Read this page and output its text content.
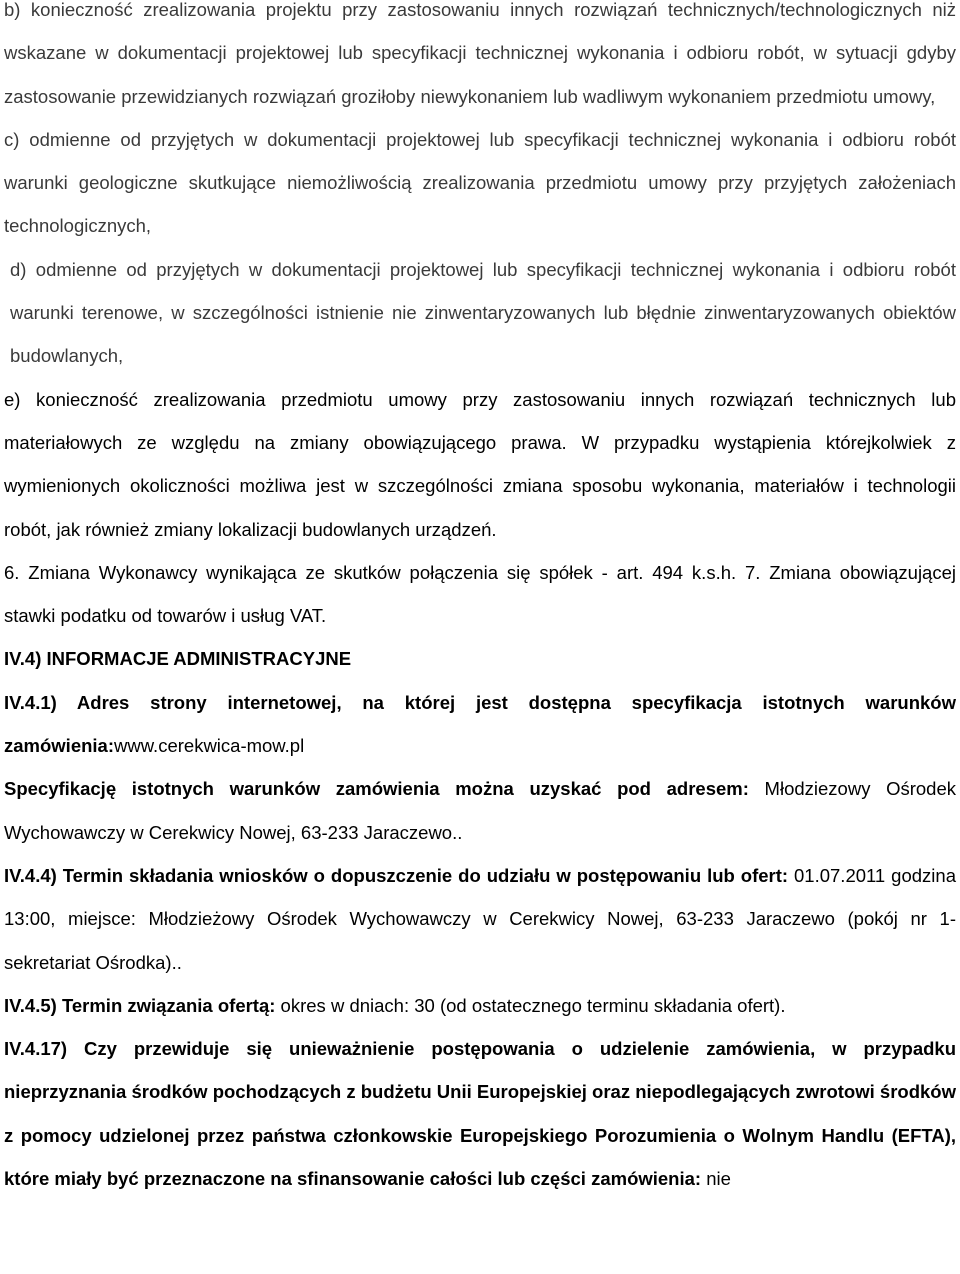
b) konieczność zrealizowania projektu przy zastosowaniu innych rozwiązań technicznych/technologicznych niż wskazane w dokumentacji projektowej lub specyfikacji technicznej wykonania i odbioru robót, w sytuacji gdyby zastosowanie przewidzianych rozwiązań groziłoby niewykonaniem lub wadliwym wykonaniem przedmiotu umowy,

c) odmienne od przyjętych w dokumentacji projektowej lub specyfikacji technicznej wykonania i odbioru robót warunki geologiczne skutkujące niemożliwością zrealizowania przedmiotu umowy przy przyjętych założeniach technologicznych,

d) odmienne od przyjętych w dokumentacji projektowej lub specyfikacji technicznej wykonania i odbioru robót warunki terenowe, w szczególności istnienie nie zinwentaryzowanych lub błędnie zinwentaryzowanych obiektów budowlanych,

e) konieczność zrealizowania przedmiotu umowy przy zastosowaniu innych rozwiązań technicznych lub materiałowych ze względu na zmiany obowiązującego prawa. W przypadku wystąpienia którejkolwiek z wymienionych okoliczności możliwa jest w szczególności zmiana sposobu wykonania, materiałów i technologii robót, jak również zmiany lokalizacji budowlanych urządzeń.

6. Zmiana Wykonawcy wynikająca ze skutków połączenia się spółek - art. 494 k.s.h. 7. Zmiana obowiązującej stawki podatku od towarów i usług VAT.

IV.4) INFORMACJE ADMINISTRACYJNE

IV.4.1) Adres strony internetowej, na której jest dostępna specyfikacja istotnych warunków zamówienia:www.cerekwica-mow.pl

Specyfikację istotnych warunków zamówienia można uzyskać pod adresem: Młodziezowy Ośrodek Wychowawczy w Cerekwicy Nowej, 63-233 Jaraczewo..

IV.4.4) Termin składania wniosków o dopuszczenie do udziału w postępowaniu lub ofert: 01.07.2011 godzina 13:00, miejsce: Młodzieżowy Ośrodek Wychowawczy w Cerekwicy Nowej, 63-233 Jaraczewo (pokój nr 1- sekretariat Ośrodka)..

IV.4.5) Termin związania ofertą: okres w dniach: 30 (od ostatecznego terminu składania ofert).

IV.4.17) Czy przewiduje się unieważnienie postępowania o udzielenie zamówienia, w przypadku nieprzyznania środków pochodzących z budżetu Unii Europejskiej oraz niepodlegających zwrotowi środków z pomocy udzielonej przez państwa członkowskie Europejskiego Porozumienia o Wolnym Handlu (EFTA), które miały być przeznaczone na sfinansowanie całości lub części zamówienia: nie
